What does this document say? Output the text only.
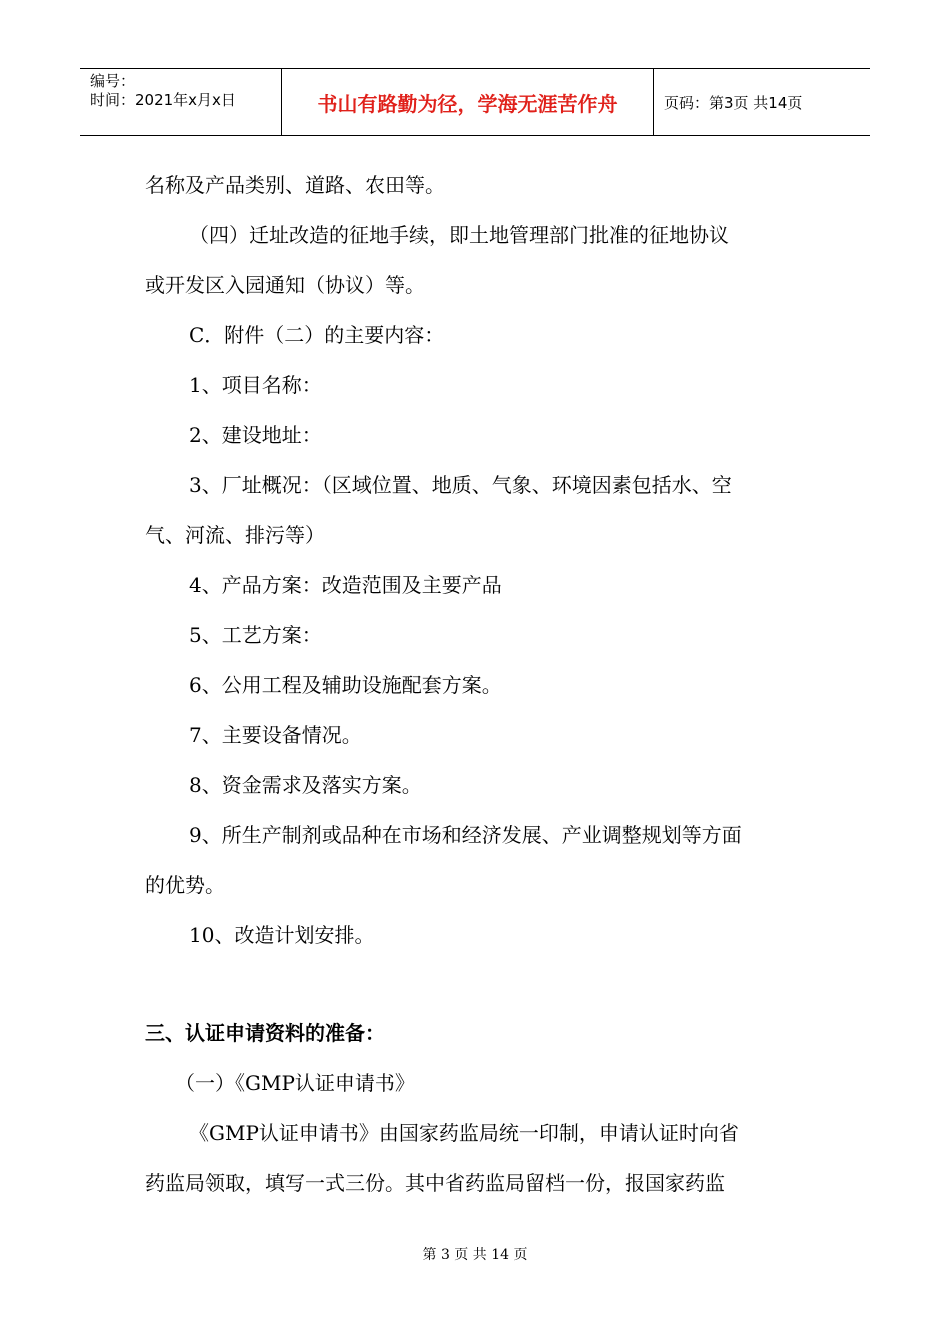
编号：
时间：2021年x月x日	书山有路勤为径，学海无涯苦作舟	页码：第3页 共14页

名称及产品类别、道路、农田等。

（四）迁址改造的征地手续，即土地管理部门批准的征地协议

或开发区入园通知（协议）等。

C．附件（二）的主要内容：

1、项目名称：

2、建设地址：

3、厂址概况：（区域位置、地质、气象、环境因素包括水、空

气、河流、排污等）

4、产品方案：改造范围及主要产品

5、工艺方案：

6、公用工程及辅助设施配套方案。

7、主要设备情况。

8、资金需求及落实方案。

9、所生产制剂或品种在市场和经济发展、产业调整规划等方面

的优势。

10、改造计划安排。

三、认证申请资料的准备：

（一）《GMP认证申请书》

《GMP认证申请书》由国家药监局统一印制，申请认证时向省

药监局领取，填写一式三份。其中省药监局留档一份，报国家药监

第 3 页 共 14 页
